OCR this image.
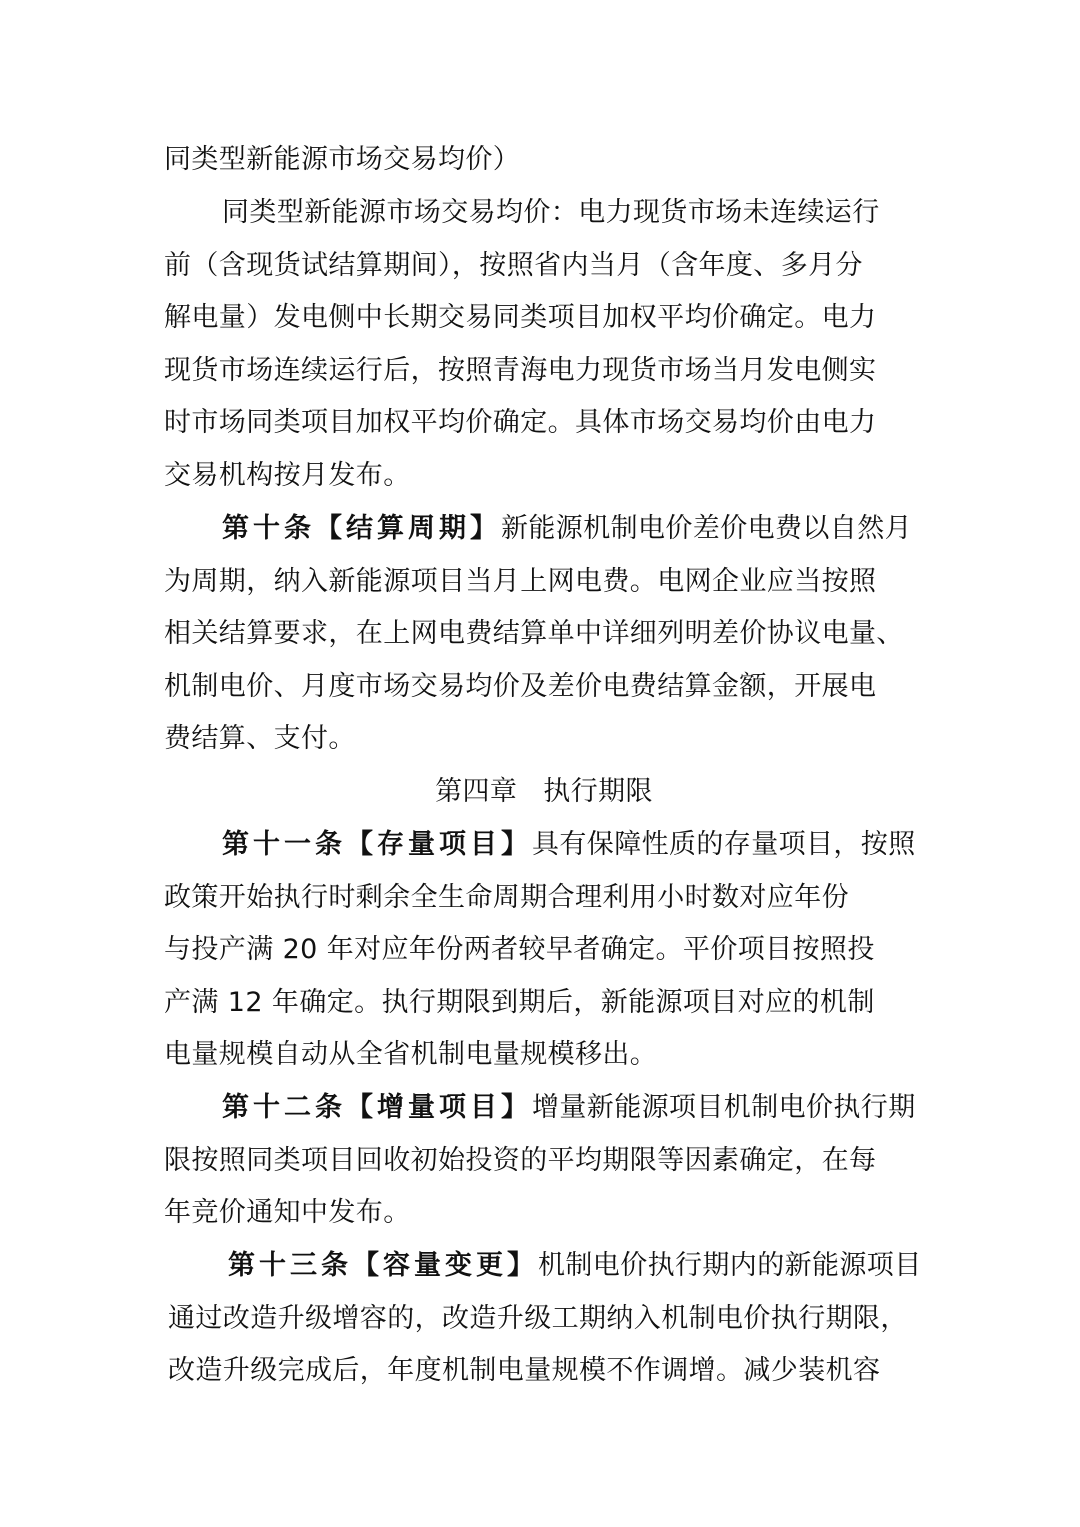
同类型新能源市场交易均价）
同类型新能源市场交易均价：电力现货市场未连续运行
前（含现货试结算期间），按照省内当月（含年度、多月分
解电量）发电侧中长期交易同类项目加权平均价确定。电力
现货市场连续运行后，按照青海电力现货市场当月发电侧实
时市场同类项目加权平均价确定。具体市场交易均价由电力
交易机构按月发布。
第十条【结算周期】新能源机制电价差价电费以自然月
为周期，纳入新能源项目当月上网电费。电网企业应当按照
相关结算要求，在上网电费结算单中详细列明差价协议电量、
机制电价、月度市场交易均价及差价电费结算金额，开展电
费结算、支付。
第四章 执行期限
第十一条【存量项目】具有保障性质的存量项目，按照
政策开始执行时剩余全生命周期合理利用小时数对应年份
与投产满 20 年对应年份两者较早者确定。平价项目按照投
产满 12 年确定。执行期限到期后，新能源项目对应的机制
电量规模自动从全省机制电量规模移出。
第十二条【增量项目】增量新能源项目机制电价执行期
限按照同类项目回收初始投资的平均期限等因素确定，在每
年竞价通知中发布。
第十三条【容量变更】机制电价执行期内的新能源项目
通过改造升级增容的，改造升级工期纳入机制电价执行期限，
改造升级完成后，年度机制电量规模不作调增。减少装机容
